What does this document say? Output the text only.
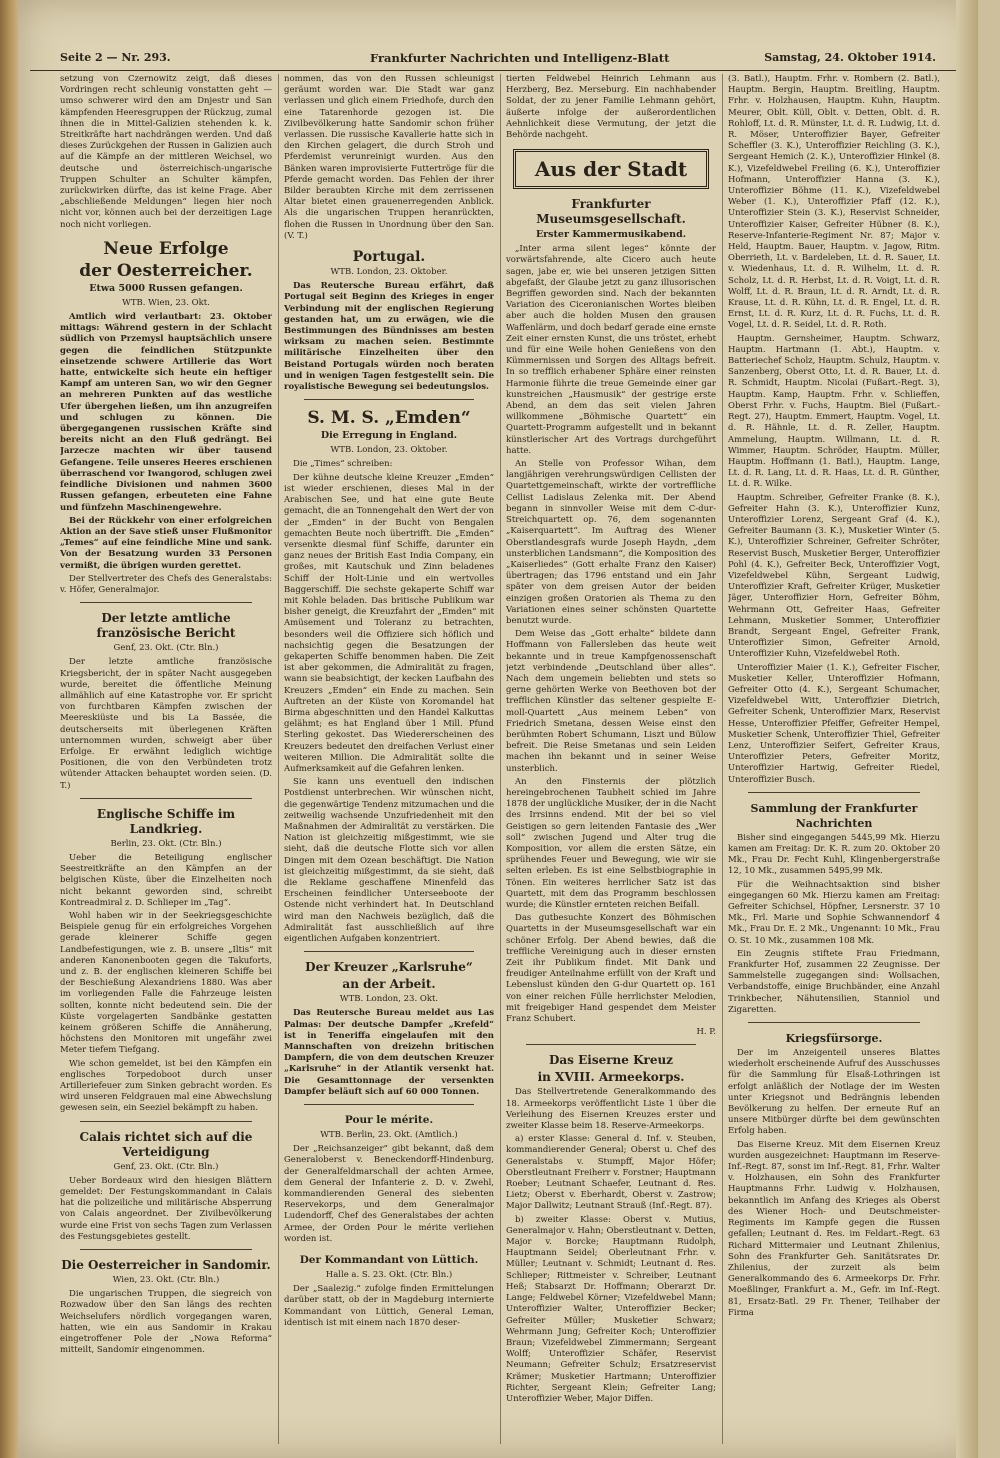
Seite 2 — Nr. 293.	Frankfurter Nachrichten und Intelligenz-Blatt	Samstag, 24. Oktober 1914.

setzung von Czernowitz zeigt, daß dieses Vordringen recht schleunig vonstatten geht — umso schwerer wird den am Dnjestr und San kämpfenden Heeresgruppen der Rückzug, zumal ihnen die in Mittel-Galizien stehenden k. k. Streitkräfte hart nachdrängen werden. Und daß dieses Zurückgehen der Russen in Galizien auch auf die Kämpfe an der mittleren Weichsel, wo deutsche und österreichisch-ungarische Truppen Schulter an Schulter kämpfen, zurückwirken dürfte, das ist keine Frage. Aber „abschließende Meldungen“ liegen hier noch nicht vor, können auch bei der derzeitigen Lage noch nicht vorliegen.

Neue Erfolge
der Oesterreicher.
Etwa 5000 Russen gefangen.
WTB. Wien, 23. Okt.

Amtlich wird verlautbart: 23. Oktober mittags: Während gestern in der Schlacht südlich von Przemysl hauptsächlich unsere gegen die feindlichen Stützpunkte einsetzende schwere Artillerie das Wort hatte, entwickelte sich heute ein heftiger Kampf am unteren San, wo wir den Gegner an mehreren Punkten auf das westliche Ufer übergehen ließen, um ihn anzugreifen und schlugen zu können. Die übergegangenen russischen Kräfte sind bereits nicht an den Fluß gedrängt. Bei Jarzecze machten wir über tausend Gefangene. Teile unseres Heeres erschienen überraschend vor Iwangorod, schlugen zwei feindliche Divisionen und nahmen 3600 Russen gefangen, erbeuteten eine Fahne und fünfzehn Maschinengewehre.

Bei der Rückkehr von einer erfolgreichen Aktion an der Save stieß unser Flußmonitor „Temes“ auf eine feindliche Mine und sank. Von der Besatzung wurden 33 Personen vermißt, die übrigen wurden gerettet.

Der Stellvertreter des Chefs des Generalstabs: v. Höfer, Generalmajor.

Der letzte amtliche französische Bericht
Genf, 23. Okt. (Ctr. Bln.)

Der letzte amtliche französische Kriegsbericht, der in später Nacht ausgegeben wurde, bereitet die öffentliche Meinung allmählich auf eine Katastrophe vor. Er spricht von furchtbaren Kämpfen zwischen der Meereskiüste und bis La Bassée, die deutscherseits mit überlegenen Kräften unternommen wurden, schweigt aber über Erfolge. Er erwähnt lediglich wichtige Positionen, die von den Verbündeten trotz wütender Attacken behauptet worden seien. (D. T.)

Englische Schiffe im Landkrieg.
Berlin, 23. Okt. (Ctr. Bln.)

Ueber die Beteiligung englischer Seestreitkräfte an den Kämpfen an der belgischen Küste, über die Einzelheiten noch nicht bekannt geworden sind, schreibt Kontreadmiral z. D. Schlieper im „Tag“.

Wohl haben wir in der Seekriegsgeschichte Beispiele genug für ein erfolgreiches Vorgehen gerade kleinerer Schiffe gegen Landbefestigungen, wie z. B. unsere „Iltis“ mit anderen Kanonenbooten gegen die Takuforts, und z. B. der englischen kleineren Schiffe bei der Beschießung Alexandriens 1880. Was aber im vorliegenden Falle die Fahrzeuge leisten sollten, konnte nicht bedeutend sein. Die der Küste vorgelagerten Sandbänke gestatten keinem größeren Schiffe die Annäherung, höchstens den Monitoren mit ungefähr zwei Meter tiefem Tiefgang.

Wie schon gemeldet, ist bei den Kämpfen ein englisches Torpedoboot durch unser Artilleriefeuer zum Sinken gebracht worden. Es wird unseren Feldgrauen mal eine Abwechslung gewesen sein, ein Seeziel bekämpft zu haben.

Calais richtet sich auf die Verteidigung
Genf, 23. Okt. (Ctr. Bln.)

Ueber Bordeaux wird den hiesigen Blättern gemeldet: Der Festungskommandant in Calais hat die polizeiliche und militärische Absperrung von Calais angeordnet. Der Zivilbevölkerung wurde eine Frist von sechs Tagen zum Verlassen des Festungsgebietes gestellt.

Die Oesterreicher in Sandomir.
Wien, 23. Okt. (Ctr. Bln.)

Die ungarischen Truppen, die siegreich von Rozwadow über den San längs des rechten Weichselufers nördlich vorgegangen waren, hatten, wie ein aus Sandomir in Krakau eingetroffener Pole der „Nowa Reforma“ mitteilt, Sandomir eingenommen.

nommen, das von den Russen schleunigst geräumt worden war. Die Stadt war ganz verlassen und glich einem Friedhofe, durch den eine Tatarenhorde gezogen ist. Die Zivilbevölkerung hatte Sandomir schon früher verlassen. Die russische Kavallerie hatte sich in den Kirchen gelagert, die durch Stroh und Pferdemist verunreinigt wurden. Aus den Bänken waren improvisierte Futtertröge für die Pferde gemacht worden. Das Fehlen der ihrer Bilder beraubten Kirche mit dem zerrissenen Altar bietet einen grauenerregenden Anblick. Als die ungarischen Truppen heranrückten, flohen die Russen in Unordnung über den San. (V. T.)

Portugal.
WTB. London, 23. Oktober.

Das Reutersche Bureau erfährt, daß Portugal seit Beginn des Krieges in enger Verbindung mit der englischen Regierung gestanden hat, um zu erwägen, wie die Bestimmungen des Bündnisses am besten wirksam zu machen seien. Bestimmte militärische Einzelheiten über den Beistand Portugals würden noch beraten und in wenigen Tagen festgestellt sein. Die royalistische Bewegung sei bedeutungslos.

S. M. S. „Emden“
Die Erregung in England.
WTB. London, 23. Oktober.

Die „Times“ schreiben:

Der kühne deutsche kleine Kreuzer „Emden“ ist wieder erschienen, dieses Mal in der Arabischen See, und hat eine gute Beute gemacht, die an Tonnengehalt den Wert der von der „Emden“ in der Bucht von Bengalen gemachten Beute noch übertrifft. Die „Emden“ versenkte diesmal fünf Schiffe, darunter ein ganz neues der British East India Company, ein großes, mit Kautschuk und Zinn beladenes Schiff der Holt-Linie und ein wertvolles Baggerschiff. Die sechste gekaperte Schiff war mit Kohle beladen. Das britische Publikum war bisher geneigt, die Kreuzfahrt der „Emden“ mit Amüsement und Toleranz zu betrachten, besonders weil die Offiziere sich höflich und nachsichtig gegen die Besatzungen der gekaperten Schiffe benommen haben. Die Zeit ist aber gekommen, die Admiralität zu fragen, wann sie beabsichtigt, der kecken Laufbahn des Kreuzers „Emden“ ein Ende zu machen. Sein Auftreten an der Küste von Koromandel hat Birma abgeschnitten und den Handel Kalkuttas gelähmt; es hat England über 1 Mill. Pfund Sterling gekostet. Das Wiedererscheinen des Kreuzers bedeutet den dreifachen Verlust einer weiteren Million. Die Admiralität sollte die Aufmerksamkeit auf die Gefahren lenken.

Sie kann uns eventuell den indischen Postdienst unterbrechen. Wir wünschen nicht, die gegenwärtige Tendenz mitzumachen und die zeitweilig wachsende Unzufriedenheit mit den Maßnahmen der Admiralität zu verstärken. Die Nation ist gleichzeitig mißgestimmt, wie sie sieht, daß die deutsche Flotte sich vor allen Dingen mit dem Ozean beschäftigt. Die Nation ist gleichzeitig mißgestimmt, da sie sieht, daß die Reklame geschaffene Minenfeld das Erscheinen feindlicher Unterseeboote der Ostende nicht verhindert hat. In Deutschland wird man den Nachweis bezüglich, daß die Admiralität fast ausschließlich auf ihre eigentlichen Aufgaben konzentriert.

Der Kreuzer „Karlsruhe“
an der Arbeit.
WTB. London, 23. Okt.

Das Reutersche Bureau meldet aus Las Palmas: Der deutsche Dampfer „Krefeld“ ist in Teneriffa eingelaufen mit den Mannschaften von dreizehn britischen Dampfern, die von dem deutschen Kreuzer „Karlsruhe“ in der Atlantik versenkt hat. Die Gesamttonnage der versenkten Dampfer beläuft sich auf 60 000 Tonnen.

Pour le mérite.
WTB. Berlin, 23. Okt. (Amtlich.)

Der „Reichsanzeiger“ gibt bekannt, daß dem Generaloberst v. Beneckendorff-Hindenburg, der Generalfeldmarschall der achten Armee, dem General der Infanterie z. D. v. Zwehl, kommandierenden General des siebenten Reservekorps, und dem Generalmajor Ludendorff, Chef des Generalstabes der achten Armee, der Orden Pour le mérite verliehen worden ist.

Der Kommandant von Lüttich.
Halle a. S. 23. Okt. (Ctr. Bln.)

Der „Saalezig.“ zufolge finden Ermittelungen darüber statt, ob der in Magdeburg internierte Kommandant von Lüttich, General Leman, identisch ist mit einem nach 1870 deser-

tierten Feldwebel Heinrich Lehmann aus Herzberg, Bez. Merseburg. Ein nachhabender Soldat, der zu jener Familie Lehmann gehört, äußerte infolge der außerordentlichen Aehnlichkeit diese Vermutung, der jetzt die Behörde nachgeht.

Aus der Stadt
Frankfurter Museumsgesellschaft.
Erster Kammermusikabend.

„Inter arma silent leges“ könnte der vorwärtsfahrende, alte Cicero auch heute sagen, jabe er, wie bei unseren jetzigen Sitten abgefaßt, der Glaube jetzt zu ganz illusorischen Begriffen geworden sind. Nach der bekannten Variation des Ciceronianischen Wortes bleiben aber auch die holden Musen den grausen Waffenlärm, und doch bedarf gerade eine ernste Zeit einer ernsten Kunst, die uns tröstet, erhebt und für eine Weile hohen Genießens von den Kümmernissen und Sorgen des Alltags befreit. In so trefflich erhabener Sphäre einer reinsten Harmonie führte die treue Gemeinde einer gar kunstreichen „Hausmusik“ der gestrige erste Abend, an dem das seit vielen Jahren willkommene „Böhmische Quartett“ ein Quartett-Programm aufgestellt und in bekannt künstlerischer Art des Vortrags durchgeführt hatte.

An Stelle von Professor Wihan, dem langjährigen verehrungswürdigen Cellisten der Quartettgemeinschaft, wirkte der vortreffliche Cellist Ladislaus Zelenka mit. Der Abend begann in sinnvoller Weise mit dem C-dur-Streichquartett op. 76, dem sogenannten „Kaiserquartett“. Im Auftrag des Wiener Oberstlandesgrafs wurde Joseph Haydn, „dem unsterblichen Landsmann“, die Komposition des „Kaiserliedes“ (Gott erhalte Franz den Kaiser) übertragen; das 1796 entstand und ein Jahr später von dem greisen Autor der beiden einzigen großen Oratorien als Thema zu den Variationen eines seiner schönsten Quartette benutzt wurde.

Dem Weise das „Gott erhalte“ bildete dann Hoffmann von Fallersleben das heute weit bekannte und in treue Kampfgenossenschaft jetzt verbindende „Deutschland über alles“. Nach dem ungemein beliebten und stets so gerne gehörten Werke von Beethoven bot der trefflichen Künstler das seltener gespielte E-moll-Quartett „Aus meinem Leben“ von Friedrich Smetana, dessen Weise einst den berühmten Robert Schumann, Liszt und Bülow befreit. Die Reise Smetanas und sein Leiden machen ihn bekannt und in seiner Weise unsterblich.

An den Finsternis der plötzlich hereingebrochenen Taubheit schied im Jahre 1878 der unglückliche Musiker, der in die Nacht des Irrsinns endend. Mit der bei so viel Geistigen so gern leitenden Fantasie des „Wer soll“ zwischen Jugend und Alter trug die Komposition, vor allem die ersten Sätze, ein sprühendes Feuer und Bewegung, wie wir sie selten erleben. Es ist eine Selbstbiographie in Tönen. Ein weiteres herrlicher Satz ist das Quartett, mit dem das Programm beschlossen wurde; die Künstler ernteten reichen Beifall.

Das gutbesuchte Konzert des Böhmischen Quartetts in der Museumsgesellschaft war ein schöner Erfolg. Der Abend bewies, daß die treffliche Vereinigung auch in dieser ernsten Zeit ihr Publikum findet. Mit Dank und freudiger Anteilnahme erfüllt von der Kraft und Lebenslust künden den G-dur Quartett op. 161 von einer reichen Fülle herrlichster Melodien, mit freigebiger Hand gespendet dem Meister Franz Schubert.

H. P.
Das Eiserne Kreuz
in XVIII. Armeekorps.

Das Stellvertretende Generalkommando des 18. Armeekorps veröffentlicht Liste 1 über die Verleihung des Eisernen Kreuzes erster und zweiter Klasse beim 18. Reserve-Armeekorps.

a) erster Klasse: General d. Inf. v. Steuben, kommandierender General; Oberst u. Chef des Generalstabs v. Stumpff, Major Höfer; Oberstleutnant Freiherr v. Forstner; Hauptmann Roeber; Leutnant Schaefer, Leutnant d. Res. Lietz; Oberst v. Eberhardt, Oberst v. Zastrow; Major Dallwitz; Leutnant Strauß (Inf.-Regt. 87).

b) zweiter Klasse: Oberst v. Mutius, Generalmajor v. Hahn; Oberstleutnant v. Detten, Major v. Borcke; Hauptmann Rudolph, Hauptmann Seidel; Oberleutnant Frhr. v. Müller; Leutnant v. Schmidt; Leutnant d. Res. Schlieper; Rittmeister v. Schreiber, Leutnant Heß; Stabsarzt Dr. Hoffmann; Oberarzt Dr. Lange; Feldwebel Körner; Vizefeldwebel Mann; Unteroffizier Walter, Unteroffizier Becker; Gefreiter Müller; Musketier Schwarz; Wehrmann Jung; Gefreiter Koch; Unteroffizier Braun; Vizefeldwebel Zimmermann; Sergeant Wolff; Unteroffizier Schäfer, Reservist Neumann; Gefreiter Schulz; Ersatzreservist Krämer; Musketier Hartmann; Unteroffizier Richter, Sergeant Klein; Gefreiter Lang; Unteroffizier Weber, Major Diffen.

(3. Batl.), Hauptm. Frhr. v. Rombern (2. Batl.), Hauptm. Bergin, Hauptm. Breitling, Hauptm. Frhr. v. Holzhausen, Hauptm. Kuhn, Hauptm. Meurer, Oblt. Küll, Oblt. v. Detten, Oblt. d. R. Rohloff, Lt. d. R. Münster, Lt. d. R. Ludwig, Lt. d. R. Möser, Unteroffizier Bayer, Gefreiter Scheffler (3. K.), Unteroffizier Reichling (3. K.), Sergeant Hemich (2. K.), Unteroffizier Hinkel (8. K.), Vizefeldwebel Freiling (6. K.), Unteroffizier Hofmann, Unteroffizier Hanna (3. K.), Unteroffizier Böhme (11. K.), Vizefeldwebel Weber (1. K.), Unteroffizier Pfaff (12. K.), Unteroffizier Stein (3. K.), Reservist Schneider, Unteroffizier Kaiser, Gefreiter Hübner (8. K.), Reserve-Infanterie-Regiment Nr. 87; Major v. Held, Hauptm. Bauer, Hauptm. v. Jagow, Ritm. Oberrieth, Lt. v. Bardeleben, Lt. d. R. Sauer, Lt. v. Wiedenhaus, Lt. d. R. Wilhelm, Lt. d. R. Scholz, Lt. d. R. Herbst, Lt. d. R. Voigt, Lt. d. R. Wolff, Lt. d. R. Braun, Lt. d. R. Arndt, Lt. d. R. Krause, Lt. d. R. Kühn, Lt. d. R. Engel, Lt. d. R. Ernst, Lt. d. R. Kurz, Lt. d. R. Fuchs, Lt. d. R. Vogel, Lt. d. R. Seidel, Lt. d. R. Roth.

Hauptm. Gernsheimer, Hauptm. Schwarz, Hauptm. Hartmann (1. Abt.), Hauptm. v. Batteriechef Scholz, Hauptm. Schulz, Hauptm. v. Sanzenberg, Oberst Otto, Lt. d. R. Bauer, Lt. d. R. Schmidt, Hauptm. Nicolai (Fußart.-Regt. 3), Hauptm. Kamp, Hauptm. Frhr. v. Schlieffen, Oberst Frhr. v. Fuchs, Hauptm. Biel (Fußart.-Regt. 27), Hauptm. Emmert, Hauptm. Vogel, Lt. d. R. Hähnle, Lt. d. R. Zeller, Hauptm. Ammelung, Hauptm. Willmann, Lt. d. R. Wimmer, Hauptm. Schröder, Hauptm. Müller, Hauptm. Hoffmann (1. Batl.), Hauptm. Lange, Lt. d. R. Lang, Lt. d. R. Haas, Lt. d. R. Günther, Lt. d. R. Wilke.

Hauptm. Schreiber, Gefreiter Franke (8. K.), Gefreiter Hahn (3. K.), Unteroffizier Kunz, Unteroffizier Lorenz, Sergeant Graf (4. K.), Gefreiter Baumann (3. K.), Musketier Winter (5. K.), Unteroffizier Schreiner, Gefreiter Schröter, Reservist Busch, Musketier Berger, Unteroffizier Pohl (4. K.), Gefreiter Beck, Unteroffizier Vogt, Vizefeldwebel Kühn, Sergeant Ludwig, Unteroffizier Kraft, Gefreiter Krüger, Musketier Jäger, Unteroffizier Horn, Gefreiter Böhm, Wehrmann Ott, Gefreiter Haas, Gefreiter Lehmann, Musketier Sommer, Unteroffizier Brandt, Sergeant Engel, Gefreiter Frank, Unteroffizier Simon, Gefreiter Arnold, Unteroffizier Kuhn, Vizefeldwebel Roth.

Unteroffizier Maier (1. K.), Gefreiter Fischer, Musketier Keller, Unteroffizier Hofmann, Gefreiter Otto (4. K.), Sergeant Schumacher, Vizefeldwebel Witt, Unteroffizier Dietrich, Gefreiter Schenk, Unteroffizier Marx, Reservist Hesse, Unteroffizier Pfeiffer, Gefreiter Hempel, Musketier Schenk, Unteroffizier Thiel, Gefreiter Lenz, Unteroffizier Seifert, Gefreiter Kraus, Unteroffizier Peters, Gefreiter Moritz, Unteroffizier Hartwig, Gefreiter Riedel, Unteroffizier Busch.

Sammlung der Frankfurter Nachrichten

Bisher sind eingegangen 5445,99 Mk. Hierzu kamen am Freitag: Dr. K. R. zum 20. Oktober 20 Mk., Frau Dr. Fecht Kuhl, Klingenbergerstraße 12, 10 Mk., zusammen 5495,99 Mk.

Für die Weihnachtsaktion sind bisher eingegangen 60 Mk. Hierzu kamen am Freitag: Gefreiter Schichsel, Höpfner, Lersnerstr. 37 10 Mk., Frl. Marie und Sophie Schwannendorf 4 Mk., Frau Dr. E. 2 Mk., Ungenannt: 10 Mk., Frau O. St. 10 Mk., zusammen 108 Mk.

Ein Zeugnis stiftete Frau Friedmann, Frankfurter Hof, zusammen 22 Zeugnisse. Der Sammelstelle zugegangen sind: Wollsachen, Verbandstoffe, einige Bruchbänder, eine Anzahl Trinkbecher, Nähutensilien, Stanniol und Zigaretten.

Kriegsfürsorge.

Der im Anzeigenteil unseres Blattes wiederholt erscheinende Aufruf des Ausschusses für die Sammlung für Elsaß-Lothringen ist erfolgt anläßlich der Notlage der im Westen unter Kriegsnot und Bedrängnis lebenden Bevölkerung zu helfen. Der erneute Ruf an unsere Mitbürger dürfte bei dem gewünschten Erfolg haben.

Das Eiserne Kreuz. Mit dem Eisernen Kreuz wurden ausgezeichnet: Hauptmann im Reserve-Inf.-Regt. 87, sonst im Inf.-Regt. 81, Frhr. Walter v. Holzhausen, ein Sohn des Frankfurter Hauptmanns Frhr. Ludwig v. Holzhausen, bekanntlich im Anfang des Krieges als Oberst des Wiener Hoch- und Deutschmeister-Regiments im Kampfe gegen die Russen gefallen; Leutnant d. Res. im Feldart.-Regt. 63 Richard Mittermaier und Leutnant Zhilenius, Sohn des Frankfurter Geh. Sanitätsrates Dr. Zhilenius, der zurzeit als beim Generalkommando des 6. Armeekorps Dr. Frhr. Moeßlinger, Frankfurt a. M., Gefr. im Inf.-Regt. 81, Ersatz-Batl. 29 Fr. Thener, Teilhaber der Firma
